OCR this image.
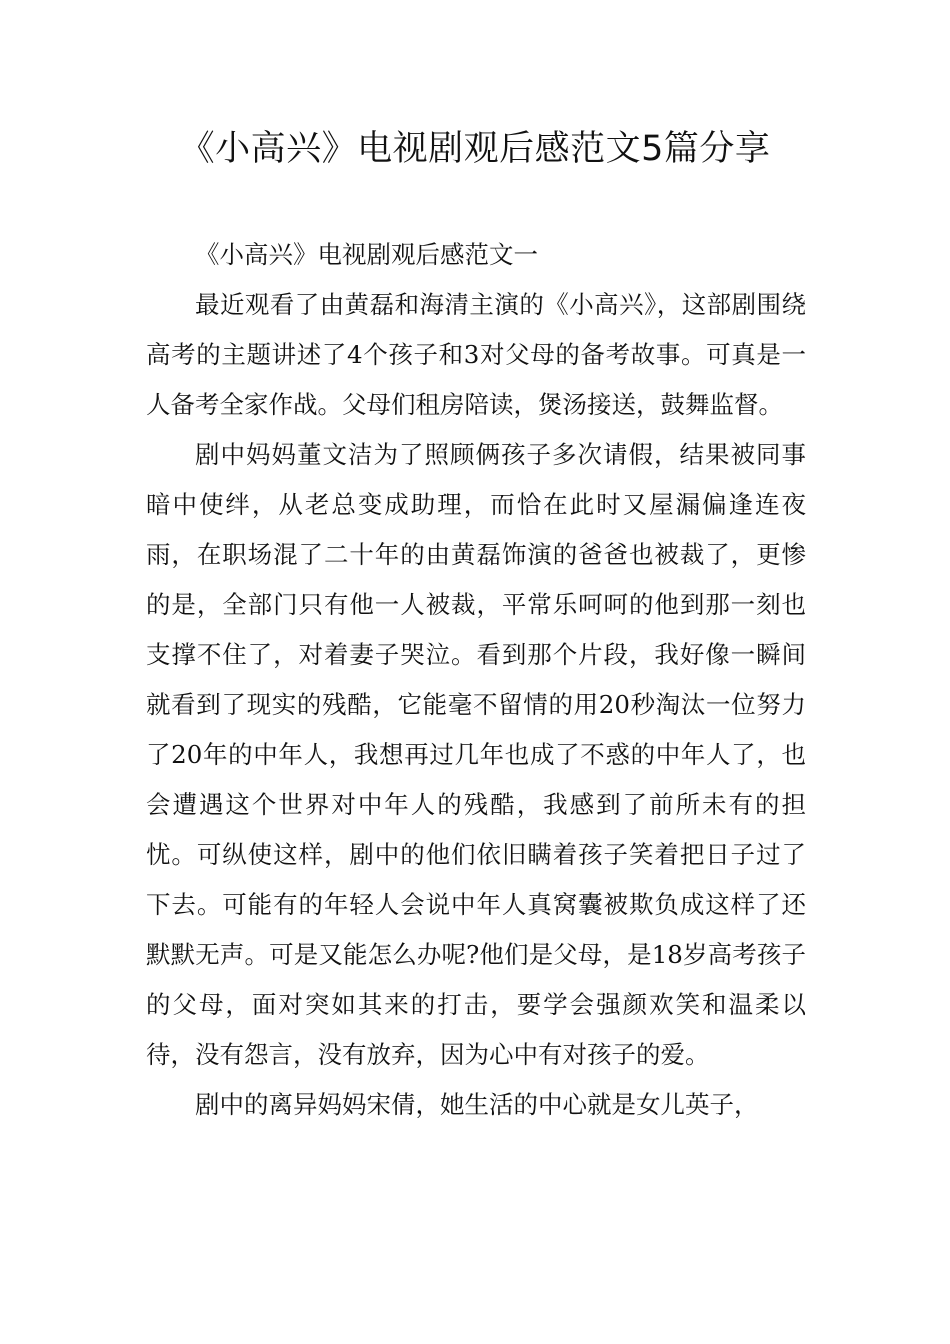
《小高兴》电视剧观后感范文5篇分享

《小高兴》电视剧观后感范文一

最近观看了由黄磊和海清主演的《小高兴》，这部剧围绕高考的主题讲述了4个孩子和3对父母的备考故事。可真是一人备考全家作战。父母们租房陪读，煲汤接送，鼓舞监督。

剧中妈妈董文洁为了照顾俩孩子多次请假，结果被同事暗中使绊，从老总变成助理，而恰在此时又屋漏偏逢连夜雨，在职场混了二十年的由黄磊饰演的爸爸也被裁了，更惨的是，全部门只有他一人被裁，平常乐呵呵的他到那一刻也支撑不住了，对着妻子哭泣。看到那个片段，我好像一瞬间就看到了现实的残酷，它能毫不留情的用20秒淘汰一位努力了20年的中年人，我想再过几年也成了不惑的中年人了，也会遭遇这个世界对中年人的残酷，我感到了前所未有的担忧。可纵使这样，剧中的他们依旧瞒着孩子笑着把日子过了下去。可能有的年轻人会说中年人真窝囊被欺负成这样了还默默无声。可是又能怎么办呢?他们是父母，是18岁高考孩子的父母，面对突如其来的打击，要学会强颜欢笑和温柔以待，没有怨言，没有放弃，因为心中有对孩子的爱。

剧中的离异妈妈宋倩，她生活的中心就是女儿英子，
